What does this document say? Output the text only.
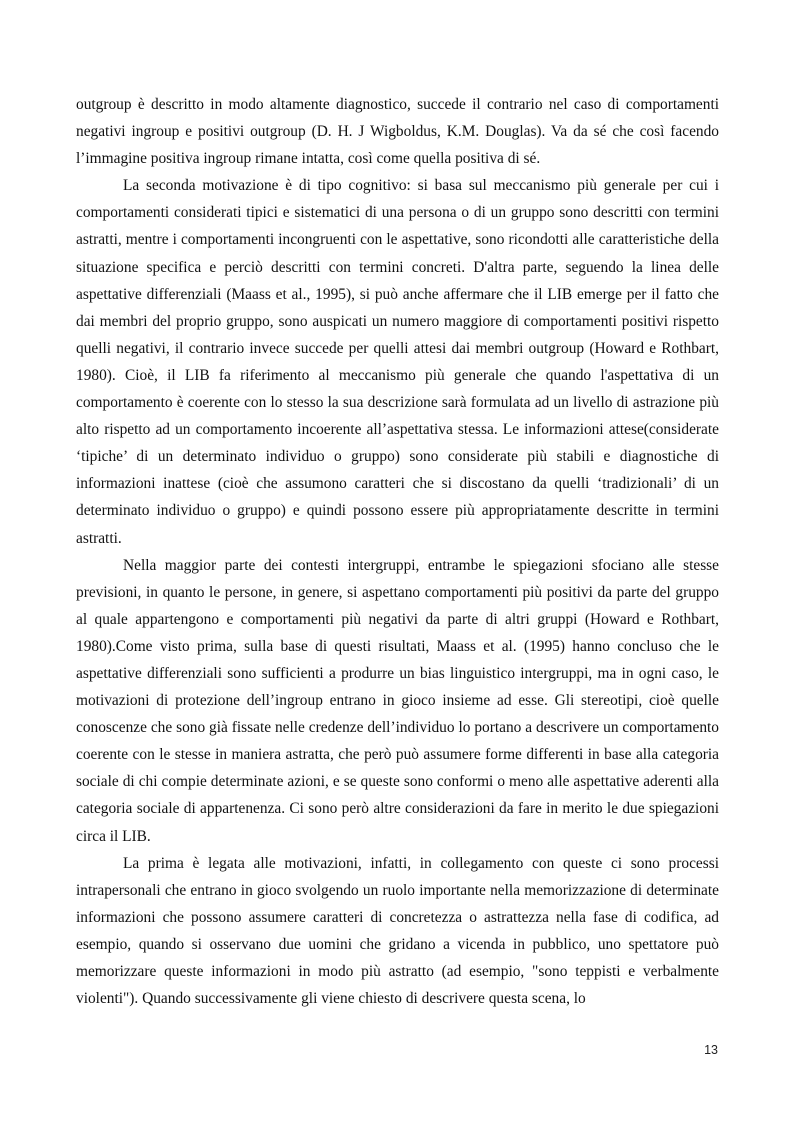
outgroup è descritto in modo altamente diagnostico, succede il contrario nel caso di comportamenti negativi ingroup e positivi outgroup (D. H. J Wigboldus, K.M. Douglas). Va da sé che così facendo l’immagine positiva ingroup rimane intatta, così come quella positiva di sé.

La seconda motivazione è di tipo cognitivo: si basa sul meccanismo più generale per cui i comportamenti considerati tipici e sistematici di una persona o di un gruppo sono descritti con termini astratti, mentre i comportamenti incongruenti con le aspettative, sono ricondotti alle caratteristiche della situazione specifica e perciò descritti con termini concreti. D'altra parte, seguendo la linea delle aspettative differenziali (Maass et al., 1995), si può anche affermare che il LIB emerge per il fatto che dai membri del proprio gruppo, sono auspicati un numero maggiore di comportamenti positivi rispetto quelli negativi, il contrario invece succede per quelli attesi dai membri outgroup (Howard e Rothbart, 1980). Cioè, il LIB fa riferimento al meccanismo più generale che quando l'aspettativa di un comportamento è coerente con lo stesso la sua descrizione sarà formulata ad un livello di astrazione più alto rispetto ad un comportamento incoerente all’aspettativa stessa. Le informazioni attese(considerate ‘tipiche’ di un determinato individuo o gruppo) sono considerate più stabili e diagnostiche di informazioni inattese (cioè che assumono caratteri che si discostano da quelli ‘tradizionali’ di un determinato individuo o gruppo) e quindi possono essere più appropriatamente descritte in termini astratti.

Nella maggior parte dei contesti intergruppi, entrambe le spiegazioni sfociano alle stesse previsioni, in quanto le persone, in genere, si aspettano comportamenti più positivi da parte del gruppo al quale appartengono e comportamenti più negativi da parte di altri gruppi (Howard e Rothbart, 1980).Come visto prima, sulla base di questi risultati, Maass et al. (1995) hanno concluso che le aspettative differenziali sono sufficienti a produrre un bias linguistico intergruppi, ma in ogni caso, le motivazioni di protezione dell’ingroup entrano in gioco insieme ad esse. Gli stereotipi, cioè quelle conoscenze che sono già fissate nelle credenze dell’individuo lo portano a descrivere un comportamento coerente con le stesse in maniera astratta, che però può assumere forme differenti in base alla categoria sociale di chi compie determinate azioni, e se queste sono conformi o meno alle aspettative aderenti alla categoria sociale di appartenenza. Ci sono però altre considerazioni da fare in merito le due spiegazioni circa il LIB.

La prima è legata alle motivazioni, infatti, in collegamento con queste ci sono processi intrapersonali che entrano in gioco svolgendo un ruolo importante nella memorizzazione di determinate informazioni che possono assumere caratteri di concretezza o astrattezza nella fase di codifica, ad esempio, quando si osservano due uomini che gridano a vicenda in pubblico, uno spettatore può memorizzare queste informazioni in modo più astratto (ad esempio, "sono teppisti e verbalmente violenti"). Quando successivamente gli viene chiesto di descrivere questa scena, lo

13
